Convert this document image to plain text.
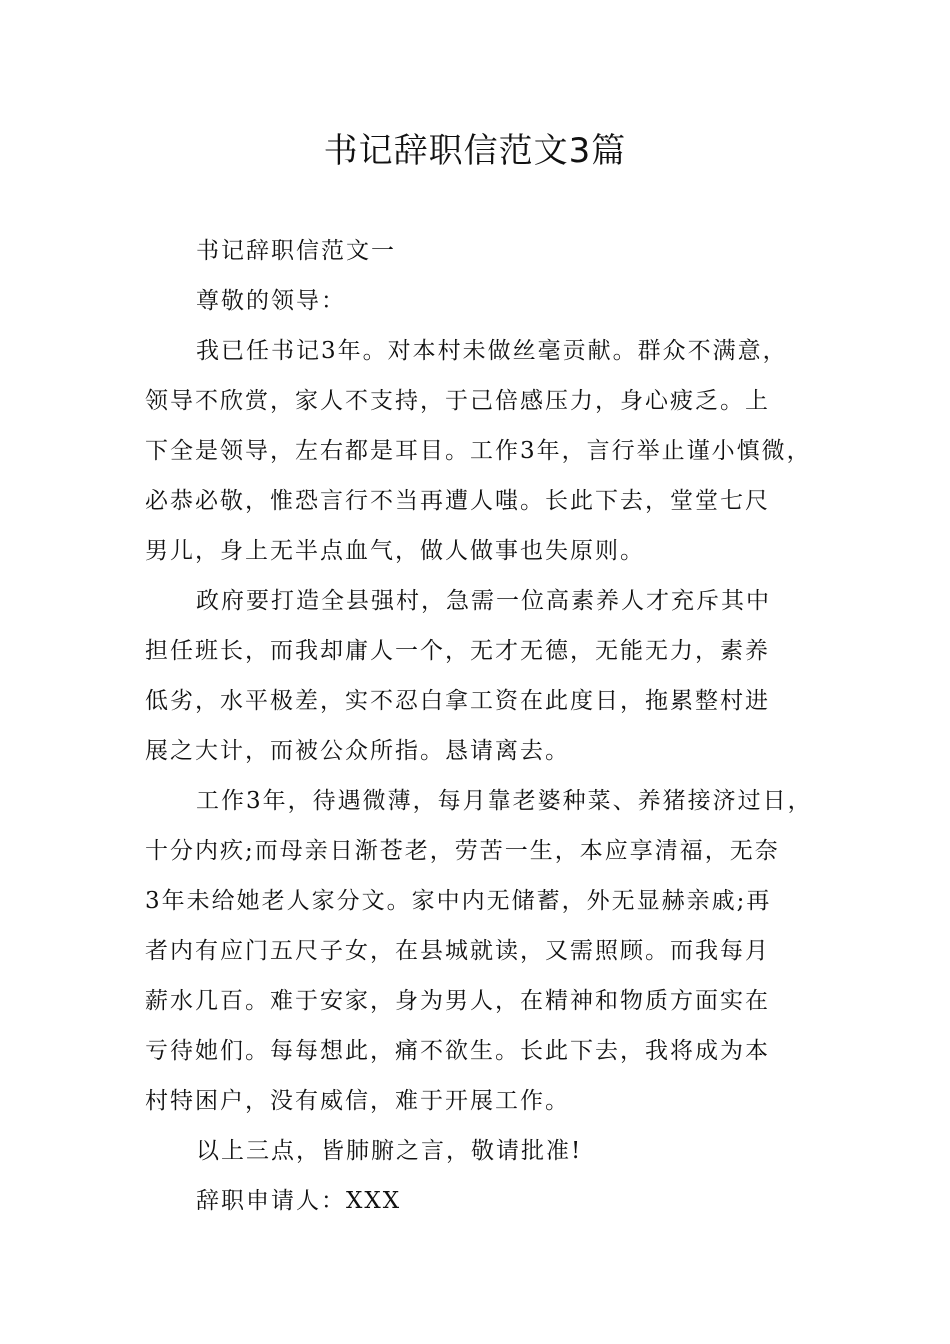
书记辞职信范文3篇
书记辞职信范文一
尊敬的领导：
我已任书记3年。对本村未做丝毫贡献。群众不满意，
领导不欣赏，家人不支持，于己倍感压力，身心疲乏。上
下全是领导，左右都是耳目。工作3年，言行举止谨小慎微，
必恭必敬，惟恐言行不当再遭人嗤。长此下去，堂堂七尺
男儿，身上无半点血气，做人做事也失原则。
政府要打造全县强村，急需一位高素养人才充斥其中
担任班长，而我却庸人一个，无才无德，无能无力，素养
低劣，水平极差，实不忍白拿工资在此度日，拖累整村进
展之大计，而被公众所指。恳请离去。
工作3年，待遇微薄，每月靠老婆种菜、养猪接济过日，
十分内疚;而母亲日渐苍老，劳苦一生，本应享清福，无奈
3年未给她老人家分文。家中内无储蓄，外无显赫亲戚;再
者内有应门五尺子女，在县城就读，又需照顾。而我每月
薪水几百。难于安家，身为男人，在精神和物质方面实在
亏待她们。每每想此，痛不欲生。长此下去，我将成为本
村特困户，没有威信，难于开展工作。
以上三点，皆肺腑之言，敬请批准!
辞职申请人：XXX
